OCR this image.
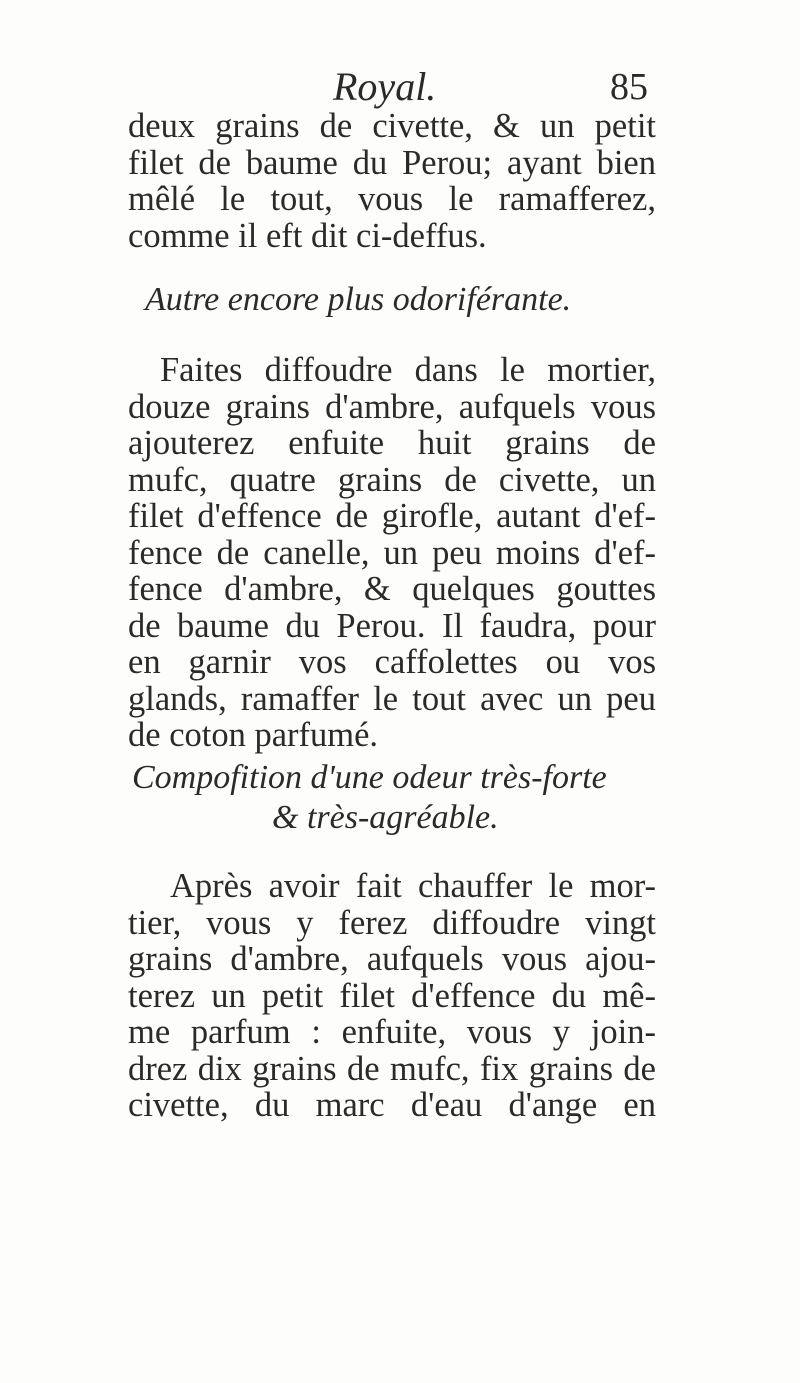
Royal.	85
deux grains de civette, & un petit
filet de baume du Perou; ayant bien
mêlé le tout, vous le ramafferez,
comme il eft dit ci-deffus.
Autre encore plus odoriférante.
Faites diffoudre dans le mortier,
douze grains d'ambre, aufquels vous
ajouterez enfuite huit grains de
mufc, quatre grains de civette, un
filet d'effence de girofle, autant d'ef-
fence de canelle, un peu moins d'ef-
fence d'ambre, & quelques gouttes
de baume du Perou. Il faudra, pour
en garnir vos caffolettes ou vos
glands, ramaffer le tout avec un peu
de coton parfumé.
Compofition d'une odeur très-forte
& très-agréable.
Après avoir fait chauffer le mor-
tier, vous y ferez diffoudre vingt
grains d'ambre, aufquels vous ajou-
terez un petit filet d'effence du mê-
me parfum : enfuite, vous y join-
drez dix grains de mufc, fix grains de
civette, du marc d'eau d'ange en
